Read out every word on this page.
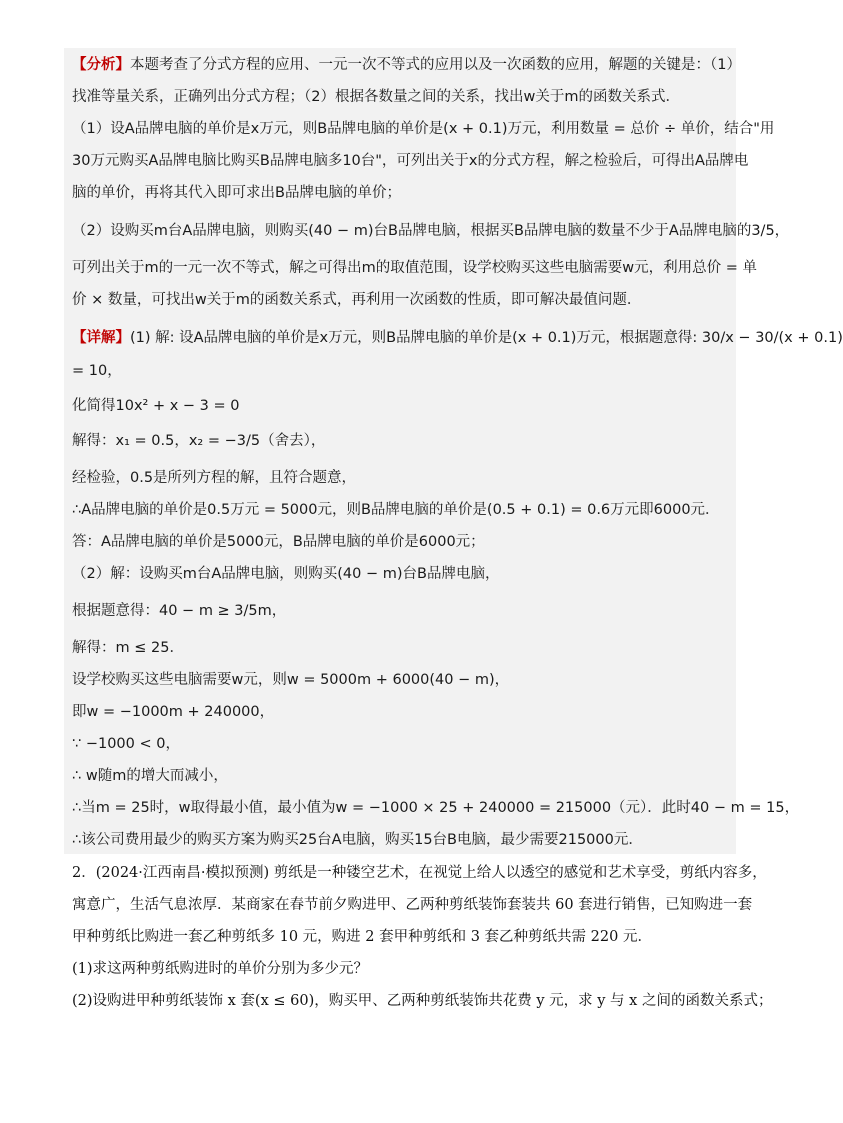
【分析】本题考查了分式方程的应用、一元一次不等式的应用以及一次函数的应用，解题的关键是：（1）
找准等量关系，正确列出分式方程；（2）根据各数量之间的关系，找出w关于m的函数关系式．
（1）设A品牌电脑的单价是x万元，则B品牌电脑的单价是(x + 0.1)万元，利用数量 = 总价 ÷ 单价，结合"用
30万元购买A品牌电脑比购买B品牌电脑多10台"，可列出关于x的分式方程，解之检验后，可得出A品牌电
脑的单价，再将其代入即可求出B品牌电脑的单价；
（2）设购买m台A品牌电脑，则购买(40 − m)台B品牌电脑，根据买B品牌电脑的数量不少于A品牌电脑的3/5，
可列出关于m的一元一次不等式，解之可得出m的取值范围，设学校购买这些电脑需要w元，利用总价 = 单
价 × 数量，可找出w关于m的函数关系式，再利用一次函数的性质，即可解决最值问题．
【详解】(1) 解: 设A品牌电脑的单价是x万元，则B品牌电脑的单价是(x + 0.1)万元，根据题意得: 30/x − 30/(x + 0.1)
= 10，
化简得10x² + x − 3 = 0
解得：x₁ = 0.5，x₂ = −3/5（舍去），
经检验，0.5是所列方程的解，且符合题意，
∴A品牌电脑的单价是0.5万元 = 5000元，则B品牌电脑的单价是(0.5 + 0.1) = 0.6万元即6000元．
答：A品牌电脑的单价是5000元，B品牌电脑的单价是6000元；
（2）解：设购买m台A品牌电脑，则购买(40 − m)台B品牌电脑，
根据题意得：40 − m ≥ 3/5m，
解得：m ≤ 25．
设学校购买这些电脑需要w元，则w = 5000m + 6000(40 − m)，
即w = −1000m + 240000，
∵ −1000 < 0，
∴ w随m的增大而减小，
∴当m = 25时，w取得最小值，最小值为w = −1000 × 25 + 240000 = 215000（元）．此时40 − m = 15，
∴该公司费用最少的购买方案为购买25台A电脑，购买15台B电脑，最少需要215000元．
2．(2024·江西南昌·模拟预测) 剪纸是一种镂空艺术，在视觉上给人以透空的感觉和艺术享受，剪纸内容多，
寓意广，生活气息浓厚．某商家在春节前夕购进甲、乙两种剪纸装饰套装共 60 套进行销售，已知购进一套
甲种剪纸比购进一套乙种剪纸多 10 元，购进 2 套甲种剪纸和 3 套乙种剪纸共需 220 元．
(1)求这两种剪纸购进时的单价分别为多少元？
(2)设购进甲种剪纸装饰 x 套(x ≤ 60)，购买甲、乙两种剪纸装饰共花费 y 元，求 y 与 x 之间的函数关系式；
